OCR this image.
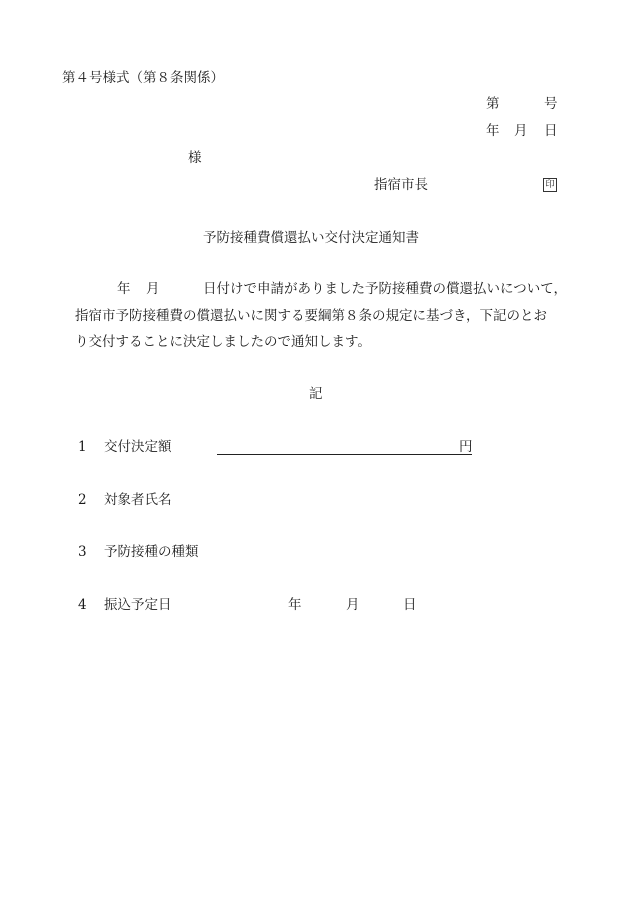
第４号様式（第８条関係）
第	号
年 月 日
様
指宿市長	印
予防接種費償還払い交付決定通知書
年 月	日付けで申請がありました予防接種費の償還払いについて，
指宿市予防接種費の償還払いに関する要綱第８条の規定に基づき，下記のとお
り交付することに決定しましたので通知します。
記
1 交付決定額	円
2 対象者氏名
3 予防接種の種類
4 振込予定日	年	月	日
